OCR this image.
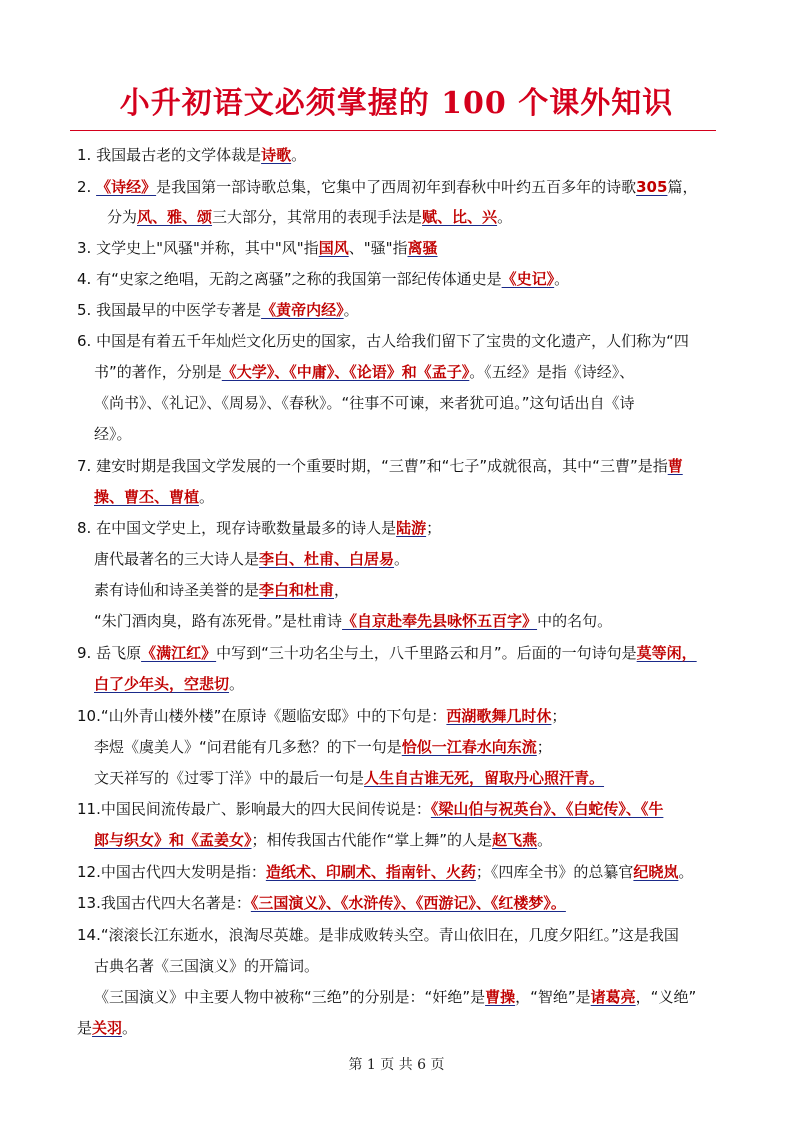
小升初语文必须掌握的 100 个课外知识
1. 我国最古老的文学体裁是诗歌。
2. 《诗经》是我国第一部诗歌总集，它集中了西周初年到春秋中叶约五百多年的诗歌305篇，
分为风、雅、颂三大部分，其常用的表现手法是赋、比、兴。
3. 文学史上"风骚"并称，其中"风"指国风、"骚"指离骚
4. 有“史家之绝唱，无韵之离骚”之称的我国第一部纪传体通史是《史记》。
5. 我国最早的中医学专著是《黄帝内经》。
6. 中国是有着五千年灿烂文化历史的国家，古人给我们留下了宝贵的文化遗产，人们称为“四
书”的著作，分别是《大学》、《中庸》、《论语》和《孟子》。《五经》是指《诗经》、
《尚书》、《礼记》、《周易》、《春秋》。“往事不可谏，来者犹可追。”这句话出自《诗
经》。
7. 建安时期是我国文学发展的一个重要时期，“三曹”和“七子”成就很高，其中“三曹”是指曹
操、曹丕、曹植。
8. 在中国文学史上，现存诗歌数量最多的诗人是陆游；
唐代最著名的三大诗人是李白、杜甫、白居易。
素有诗仙和诗圣美誉的是李白和杜甫，
“朱门酒肉臭，路有冻死骨。”是杜甫诗《自京赴奉先县咏怀五百字》中的名句。
9. 岳飞原《满江红》中写到“三十功名尘与土，八千里路云和月”。后面的一句诗句是莫等闲，
白了少年头，空悲切。
10.“山外青山楼外楼”在原诗《题临安邸》中的下句是：西湖歌舞几时休；
李煜《虞美人》“问君能有几多愁？的下一句是恰似一江春水向东流；
文天祥写的《过零丁洋》中的最后一句是人生自古谁无死，留取丹心照汗青。
11.中国民间流传最广、影响最大的四大民间传说是：《梁山伯与祝英台》、《白蛇传》、《牛
郎与织女》和《孟姜女》；相传我国古代能作“掌上舞”的人是赵飞燕。
12.中国古代四大发明是指：造纸术、印刷术、指南针、火药；《四库全书》的总纂官纪晓岚。
13.我国古代四大名著是：《三国演义》、《水浒传》、《西游记》、《红楼梦》。
14.“滚滚长江东逝水，浪淘尽英雄。是非成败转头空。青山依旧在，几度夕阳红。”这是我国
古典名著《三国演义》的开篇词。
《三国演义》中主要人物中被称“三绝”的分别是：“奸绝”是曹操，“智绝”是诸葛亮，“义绝”
是关羽。
第 1 页 共 6 页
